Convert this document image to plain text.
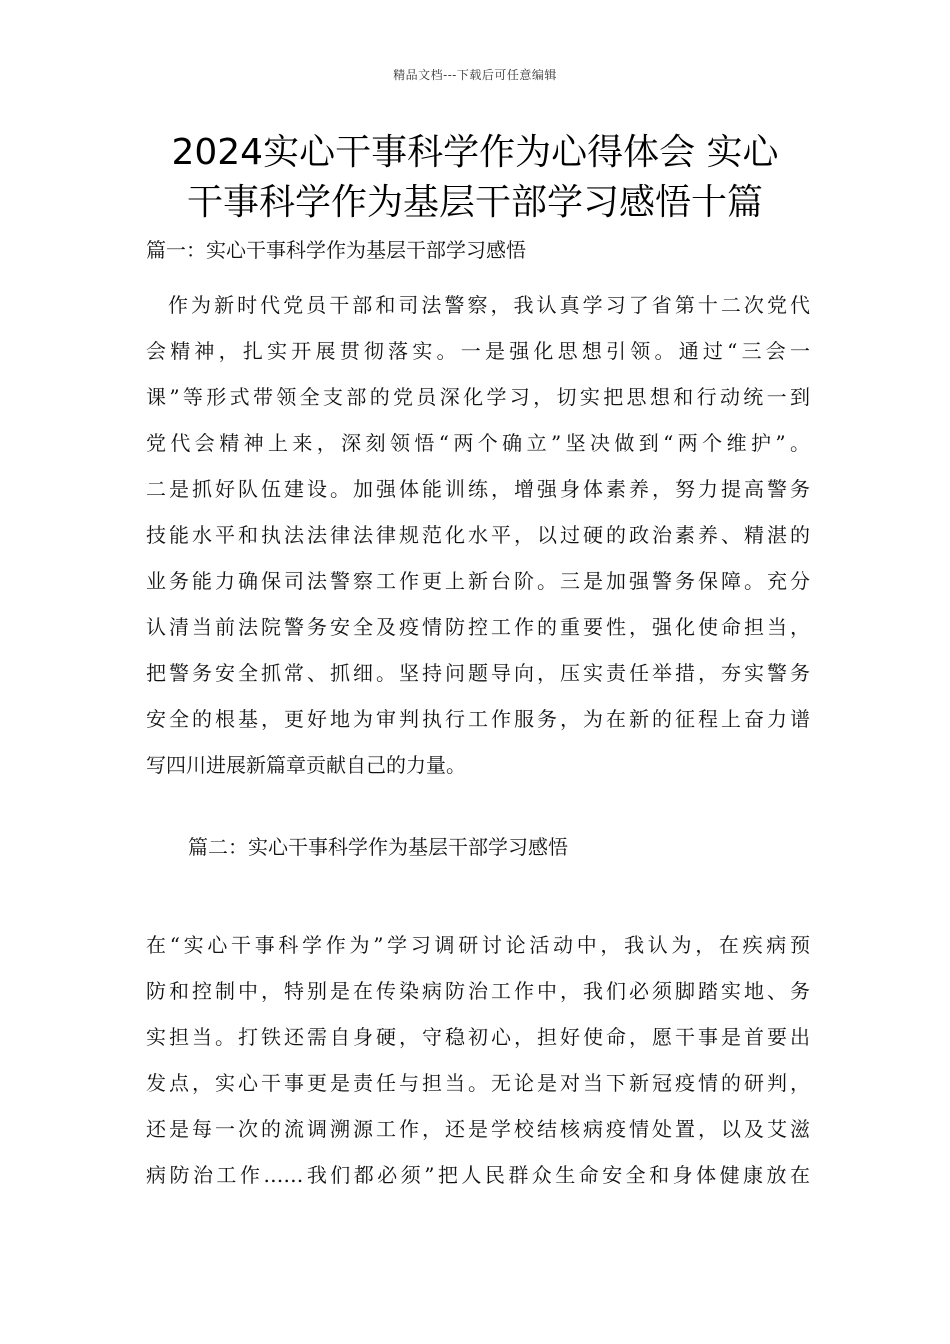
精品文档---下载后可任意编辑
2024实心干事科学作为心得体会 实心
干事科学作为基层干部学习感悟十篇
篇一：实心干事科学作为基层干部学习感悟
作为新时代党员干部和司法警察，我认真学习了省第十二次党代
会精神，扎实开展贯彻落实。一是强化思想引领。通过“三会一
课”等形式带领全支部的党员深化学习，切实把思想和行动统一到
党代会精神上来，深刻领悟“两个确立”坚决做到“两个维护”。
二是抓好队伍建设。加强体能训练，增强身体素养，努力提高警务
技能水平和执法法律法律规范化水平，以过硬的政治素养、精湛的
业务能力确保司法警察工作更上新台阶。三是加强警务保障。充分
认清当前法院警务安全及疫情防控工作的重要性，强化使命担当，
把警务安全抓常、抓细。坚持问题导向，压实责任举措，夯实警务
安全的根基，更好地为审判执行工作服务，为在新的征程上奋力谱
写四川进展新篇章贡献自己的力量。
篇二：实心干事科学作为基层干部学习感悟
在“实心干事科学作为”学习调研讨论活动中，我认为，在疾病预
防和控制中，特别是在传染病防治工作中，我们必须脚踏实地、务
实担当。打铁还需自身硬，守稳初心，担好使命，愿干事是首要出
发点，实心干事更是责任与担当。无论是对当下新冠疫情的研判，
还是每一次的流调溯源工作，还是学校结核病疫情处置，以及艾滋
病防治工作……我们都必须”把人民群众生命安全和身体健康放在
